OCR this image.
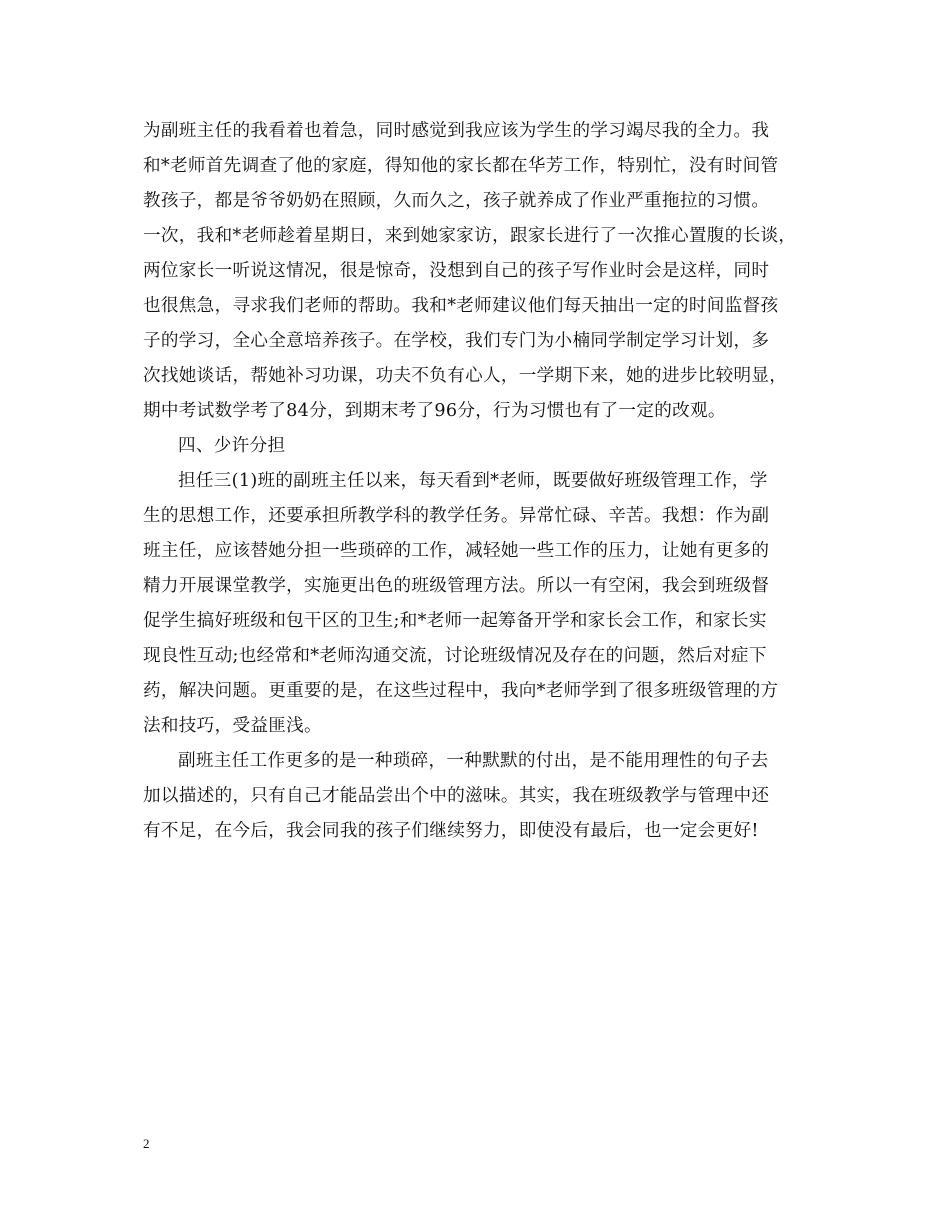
为副班主任的我看着也着急，同时感觉到我应该为学生的学习竭尽我的全力。我
和*老师首先调查了他的家庭，得知他的家长都在华芳工作，特别忙，没有时间管
教孩子，都是爷爷奶奶在照顾，久而久之，孩子就养成了作业严重拖拉的习惯。
一次，我和*老师趁着星期日，来到她家家访，跟家长进行了一次推心置腹的长谈，
两位家长一听说这情况，很是惊奇，没想到自己的孩子写作业时会是这样，同时
也很焦急，寻求我们老师的帮助。我和*老师建议他们每天抽出一定的时间监督孩
子的学习，全心全意培养孩子。在学校，我们专门为小楠同学制定学习计划，多
次找她谈话，帮她补习功课，功夫不负有心人，一学期下来，她的进步比较明显，
期中考试数学考了84分，到期末考了96分，行为习惯也有了一定的改观。
四、少许分担
担任三(1)班的副班主任以来，每天看到*老师，既要做好班级管理工作，学
生的思想工作，还要承担所教学科的教学任务。异常忙碌、辛苦。我想：作为副
班主任，应该替她分担一些琐碎的工作，减轻她一些工作的压力，让她有更多的
精力开展课堂教学，实施更出色的班级管理方法。所以一有空闲，我会到班级督
促学生搞好班级和包干区的卫生;和*老师一起筹备开学和家长会工作，和家长实
现良性互动;也经常和*老师沟通交流，讨论班级情况及存在的问题，然后对症下
药，解决问题。更重要的是，在这些过程中，我向*老师学到了很多班级管理的方
法和技巧，受益匪浅。
副班主任工作更多的是一种琐碎，一种默默的付出，是不能用理性的句子去
加以描述的，只有自己才能品尝出个中的滋味。其实，我在班级教学与管理中还
有不足，在今后，我会同我的孩子们继续努力，即使没有最后，也一定会更好!
2
